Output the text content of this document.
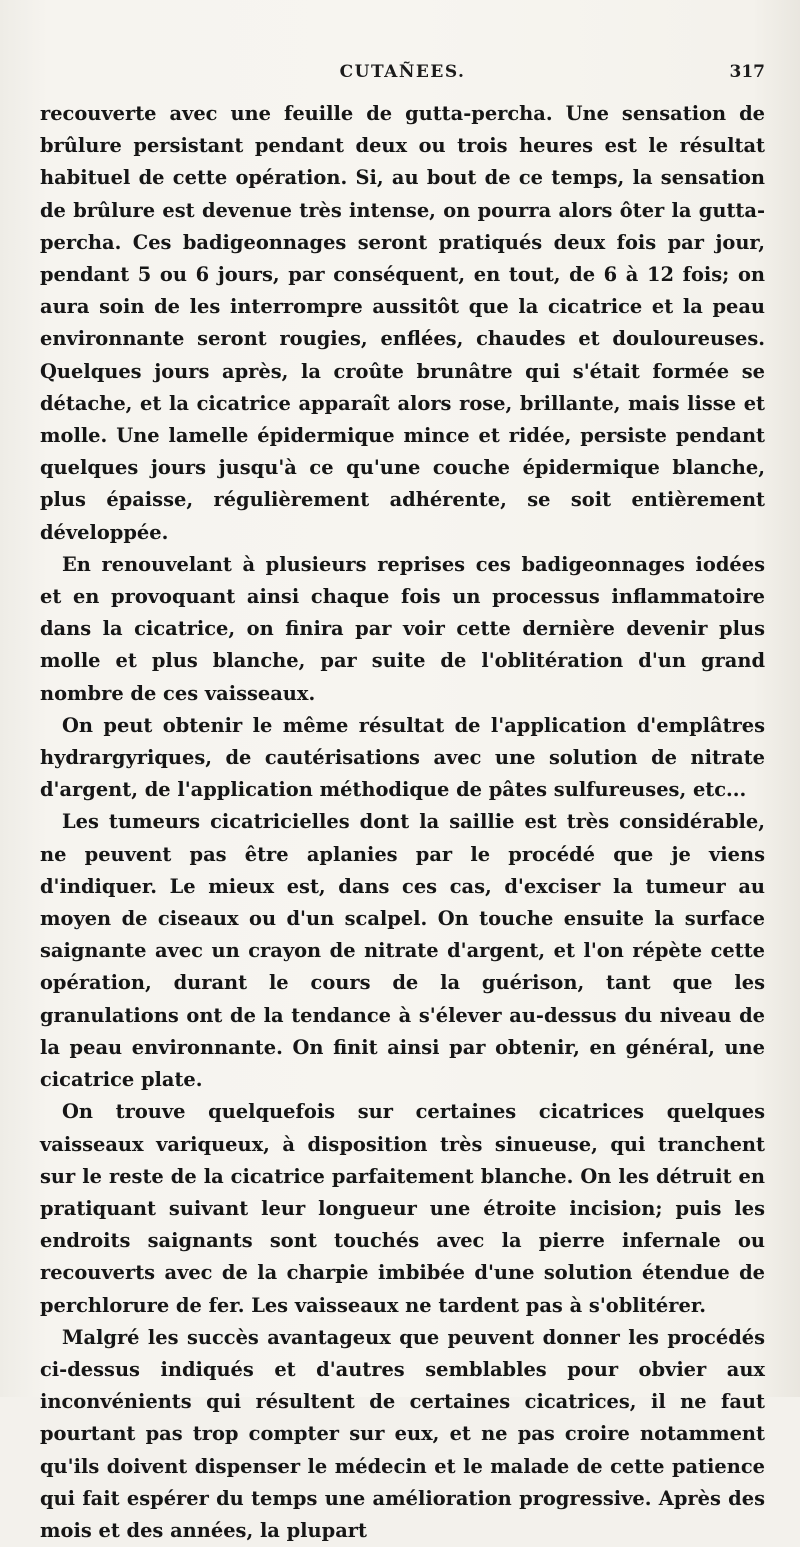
CUTAÑEES.	317

recouverte avec une feuille de gutta-percha. Une sensation de brûlure persistant pendant deux ou trois heures est le résultat habituel de cette opération. Si, au bout de ce temps, la sensation de brûlure est devenue très intense, on pourra alors ôter la gutta-percha. Ces badigeonnages seront pratiqués deux fois par jour, pendant 5 ou 6 jours, par conséquent, en tout, de 6 à 12 fois; on aura soin de les interrompre aussitôt que la cicatrice et la peau environnante seront rougies, enflées, chaudes et douloureuses. Quelques jours après, la croûte brunâtre qui s'était formée se détache, et la cicatrice apparaît alors rose, brillante, mais lisse et molle. Une lamelle épidermique mince et ridée, persiste pendant quelques jours jusqu'à ce qu'une couche épidermique blanche, plus épaisse, régulièrement adhérente, se soit entièrement développée.

En renouvelant à plusieurs reprises ces badigeonnages iodées et en provoquant ainsi chaque fois un processus inflammatoire dans la cicatrice, on finira par voir cette dernière devenir plus molle et plus blanche, par suite de l'oblitération d'un grand nombre de ces vaisseaux.

On peut obtenir le même résultat de l'application d'emplâtres hydrargyriques, de cautérisations avec une solution de nitrate d'argent, de l'application méthodique de pâtes sulfureuses, etc...

Les tumeurs cicatricielles dont la saillie est très considérable, ne peuvent pas être aplanies par le procédé que je viens d'indiquer. Le mieux est, dans ces cas, d'exciser la tumeur au moyen de ciseaux ou d'un scalpel. On touche ensuite la surface saignante avec un crayon de nitrate d'argent, et l'on répète cette opération, durant le cours de la guérison, tant que les granulations ont de la tendance à s'élever au-dessus du niveau de la peau environnante. On finit ainsi par obtenir, en général, une cicatrice plate.

On trouve quelquefois sur certaines cicatrices quelques vaisseaux variqueux, à disposition très sinueuse, qui tranchent sur le reste de la cicatrice parfaitement blanche. On les détruit en pratiquant suivant leur longueur une étroite incision; puis les endroits saignants sont touchés avec la pierre infernale ou recouverts avec de la charpie imbibée d'une solution étendue de perchlorure de fer. Les vaisseaux ne tardent pas à s'oblitérer.

Malgré les succès avantageux que peuvent donner les procédés ci-dessus indiqués et d'autres semblables pour obvier aux inconvénients qui résultent de certaines cicatrices, il ne faut pourtant pas trop compter sur eux, et ne pas croire notamment qu'ils doivent dispenser le médecin et le malade de cette patience qui fait espérer du temps une amélioration progressive. Après des mois et des années, la plupart
